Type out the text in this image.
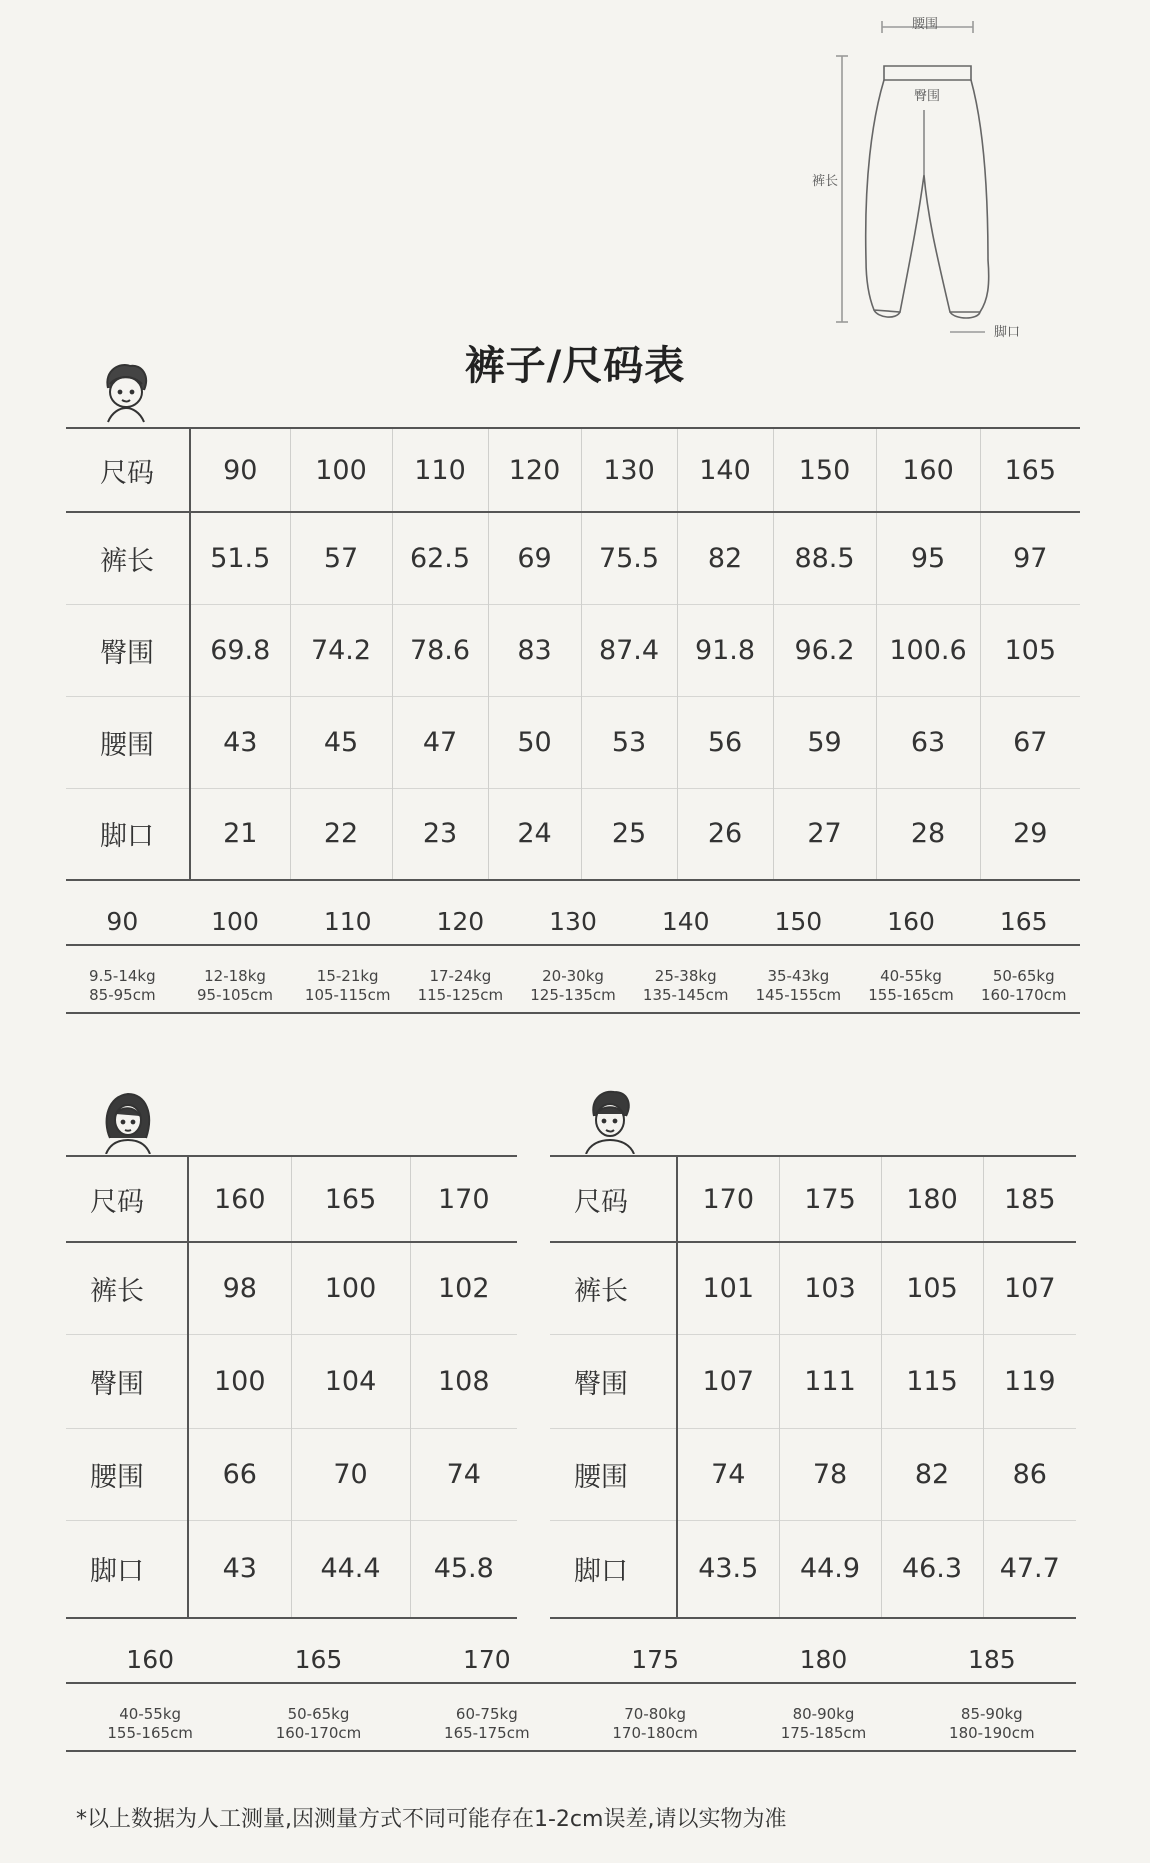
腰围
臀围
裤长
脚口
裤子/尺码表
尺码	90	100	110	120	130	140	150	160	165
裤长	51.5	57	62.5	69	75.5	82	88.5	95	97
臀围	69.8	74.2	78.6	83	87.4	91.8	96.2	100.6	105
腰围	43	45	47	50	53	56	59	63	67
脚口	21	22	23	24	25	26	27	28	29
90	100	110	120	130	140	150	160	165
9.5-14kg
85-95cm
12-18kg
95-105cm
15-21kg
105-115cm
17-24kg
115-125cm
20-30kg
125-135cm
25-38kg
135-145cm
35-43kg
145-155cm
40-55kg
155-165cm
50-65kg
160-170cm
尺码	160	165	170
裤长	98	100	102
臀围	100	104	108
腰围	66	70	74
脚口	43	44.4	45.8
尺码	170	175	180	185
裤长	101	103	105	107
臀围	107	111	115	119
腰围	74	78	82	86
脚口	43.5	44.9	46.3	47.7
160	165	170	175	180	185
40-55kg
155-165cm
50-65kg
160-170cm
60-75kg
165-175cm
70-80kg
170-180cm
80-90kg
175-185cm
85-90kg
180-190cm
*以上数据为人工测量,因测量方式不同可能存在1-2cm误差,请以实物为准
